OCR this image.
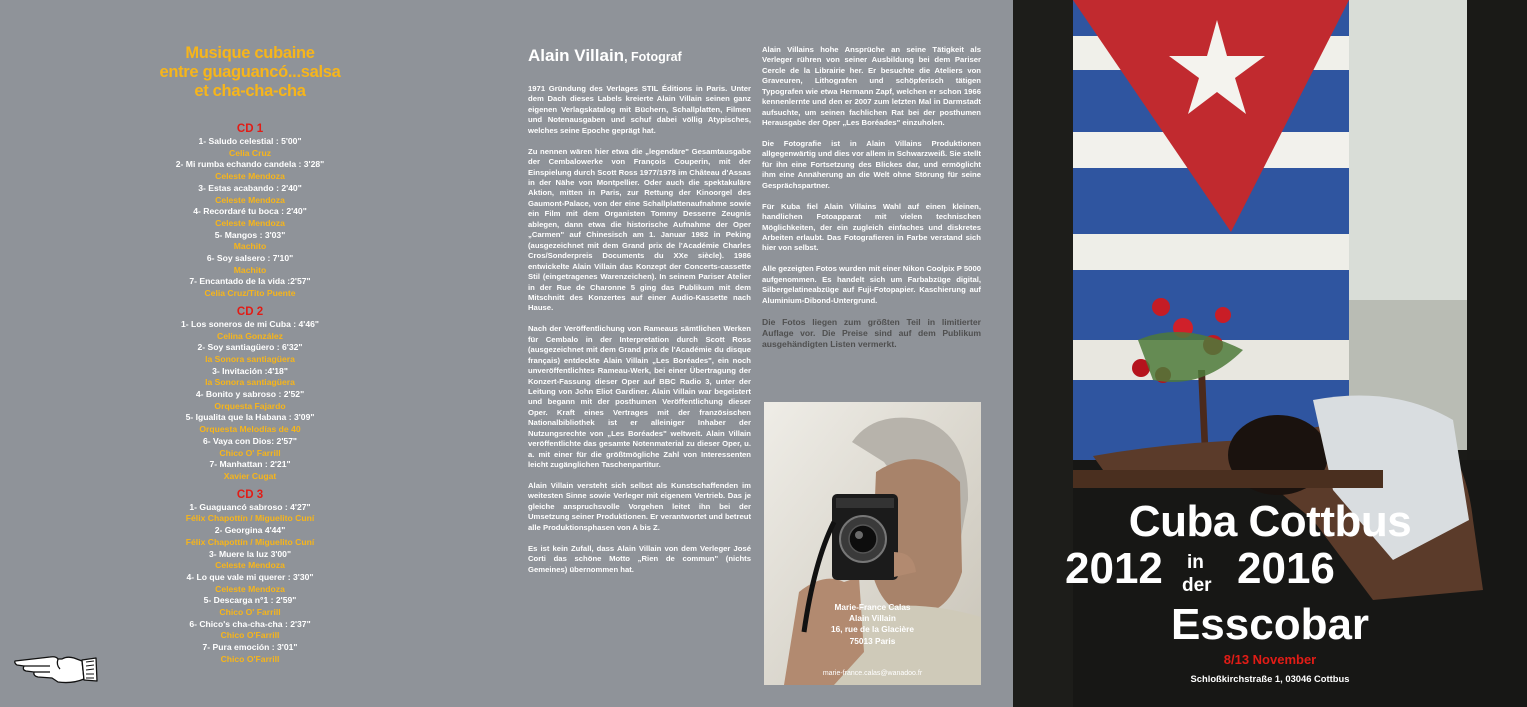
Musique cubaine
entre guaguancó...salsa
et cha-cha-cha
CD 1
1- Saludo celestial : 5'00"
Celia Cruz
2- Mi rumba echando candela : 3'28"
Celeste Mendoza
3- Estas acabando : 2'40"
Celeste Mendoza
4- Recordaré tu boca : 2'40"
Celeste Mendoza
5- Mangos : 3'03"
Machito
6- Soy salsero : 7'10"
Machito
7- Encantado de la vida :2'57"
Celia Cruz/Tito Puente
CD 2
1- Los soneros de mi Cuba : 4'46"
Celina González
2- Soy santiagüero : 6'32"
la Sonora santiagüera
3- Invitación :4'18"
la Sonora santiagüera
4- Bonito y sabroso : 2'52"
Orquesta Fajardo
5- Igualita que la Habana : 3'09"
Orquesta Melodías de 40
6- Vaya con Dios: 2'57"
Chico O' Farrill
7- Manhattan : 2'21"
Xavier Cugat
CD 3
1- Guaguancó sabroso : 4'27"
Félix Chapottín / Miguelito Cuní
2- Georgina 4'44"
Félix Chapottín / Miguelito Cuní
3- Muere la luz 3'00"
Celeste Mendoza
4- Lo que vale mi querer : 3'30"
Celeste Mendoza
5- Descarga n°1 : 2'59"
Chico O' Farrill
6- Chico's cha-cha-cha : 2'37"
Chico O'Farrill
7- Pura emoción : 3'01"
Chico O'Farrill
Alain Villain, Fotograf

1971 Gründung des Verlages STIL Éditions in Paris. Unter dem Dach dieses Labels kreierte Alain Villain seinen ganz eigenen Verlagskatalog mit Büchern, Schallplatten, Filmen und Notenausgaben und schuf dabei völlig Atypisches, welches seine Epoche geprägt hat.

Zu nennen wären hier etwa die „legendäre" Gesamtausgabe der Cembalowerke von François Couperin, mit der Einspielung durch Scott Ross 1977/1978 im Château d'Assas in der Nähe von Montpellier. Oder auch die spektakuläre Aktion, mitten in Paris, zur Rettung der Kinoorgel des Gaumont-Palace, von der eine Schallplattenaufnahme sowie ein Film mit dem Organisten Tommy Desserre Zeugnis ablegen, dann etwa die historische Aufnahme der Oper „Carmen" auf Chinesisch am 1. Januar 1982 in Peking (ausgezeichnet mit dem Grand prix de l'Académie Charles Cros/Sonderpreis Documents du XXe siècle). 1986 entwickelte Alain Villain das Konzept der Concerts-cassette Stil (eingetragenes Warenzeichen). In seinem Pariser Atelier in der Rue de Charonne 5 ging das Publikum mit dem Mitschnitt des Konzertes auf einer Audio-Kassette nach Hause.

Nach der Veröffentlichung von Rameaus sämtlichen Werken für Cembalo in der Interpretation durch Scott Ross (ausgezeichnet mit dem Grand prix de l'Académie du disque français) entdeckte Alain Villain „Les Boréades", ein noch unveröffentlichtes Rameau-Werk, bei einer Übertragung der Konzert-Fassung dieser Oper auf BBC Radio 3, unter der Leitung von John Eliot Gardiner. Alain Villain war begeistert und begann mit der posthumen Veröffentlichung dieser Oper. Kraft eines Vertrages mit der französischen Nationalbibliothek ist er alleiniger Inhaber der Nutzungsrechte von „Les Boréades" weltweit. Alain Villain veröffentlichte das gesamte Notenmaterial zu dieser Oper, u. a. mit einer für die größtmögliche Zahl von Interessenten leicht zugänglichen Taschenpartitur.

Alain Villain versteht sich selbst als Kunstschaffenden im weitesten Sinne sowie Verleger mit eigenem Vertrieb. Das je gleiche anspruchsvolle Vorgehen leitet ihn bei der Umsetzung seiner Produktionen. Er verantwortet und betreut alle Produktionsphasen von A bis Z.

Es ist kein Zufall, dass Alain Villain von dem Verleger José Corti das schöne Motto „Rien de commun" (nichts Gemeines) übernommen hat.

Alain Villains hohe Ansprüche an seine Tätigkeit als Verleger rühren von seiner Ausbildung bei dem Pariser Cercle de la Librairie her. Er besuchte die Ateliers von Graveuren, Lithografen und schöpferisch tätigen Typografen wie etwa Hermann Zapf, welchen er schon 1966 kennenlernte und den er 2007 zum letzten Mal in Darmstadt aufsuchte, um seinen fachlichen Rat bei der posthumen Herausgabe der Oper „Les Boréades" einzuholen.

Die Fotografie ist in Alain Villains Produktionen allgegenwärtig und dies vor allem in Schwarzweiß. Sie stellt für ihn eine Fortsetzung des Blickes dar, und ermöglicht ihm eine Annäherung an die Welt ohne Störung für seine Gesprächspartner.

Für Kuba fiel Alain Villains Wahl auf einen kleinen, handlichen Fotoapparat mit vielen technischen Möglichkeiten, der ein zugleich einfaches und diskretes Arbeiten erlaubt. Das Fotografieren in Farbe verstand sich hier von selbst.

Alle gezeigten Fotos wurden mit einer Nikon Coolpix P 5000 aufgenommen. Es handelt sich um Farbabzüge digital, Silbergelatineabzüge auf Fuji-Fotopapier. Kaschierung auf Aluminium-Dibond-Untergrund.

Die Fotos liegen zum größten Teil in limitierter Auflage vor. Die Preise sind auf dem Publikum ausgehändigten Listen vermerkt.

Marie-France Calas
Alain Villain
16, rue de la Glacière
75013 Paris
marie-france.calas@wanadoo.fr
Cuba Cottbus
2012 in
der 2016
Esscobar
8/13 November
Schloßkirchstraße 1, 03046 Cottbus
